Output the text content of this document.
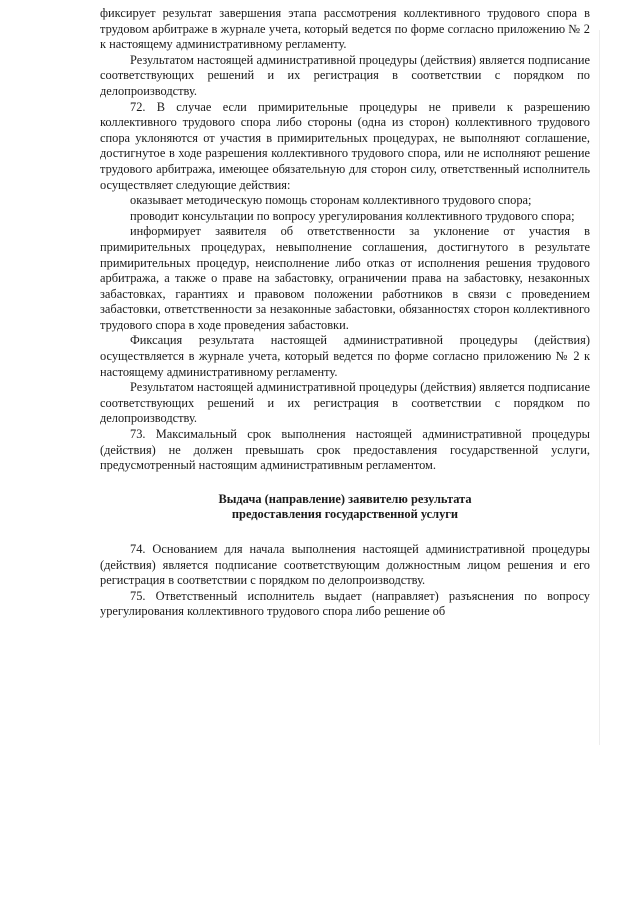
фиксирует результат завершения этапа рассмотрения коллективного трудового спора в трудовом арбитраже в журнале учета, который ведется по форме согласно приложению № 2 к настоящему административному регламенту.

Результатом настоящей административной процедуры (действия) является подписание соответствующих решений и их регистрация в соответствии с порядком по делопроизводству.

72. В случае если примирительные процедуры не привели к разрешению коллективного трудового спора либо стороны (одна из сторон) коллективного трудового спора уклоняются от участия в примирительных процедурах, не выполняют соглашение, достигнутое в ходе разрешения коллективного трудового спора, или не исполняют решение трудового арбитража, имеющее обязательную для сторон силу, ответственный исполнитель осуществляет следующие действия:

оказывает методическую помощь сторонам коллективного трудового спора;

проводит консультации по вопросу урегулирования коллективного трудового спора;

информирует заявителя об ответственности за уклонение от участия в примирительных процедурах, невыполнение соглашения, достигнутого в результате примирительных процедур, неисполнение либо отказ от исполнения решения трудового арбитража, а также о праве на забастовку, ограничении права на забастовку, незаконных забастовках, гарантиях и правовом положении работников в связи с проведением забастовки, ответственности за незаконные забастовки, обязанностях сторон коллективного трудового спора в ходе проведения забастовки.

Фиксация результата настоящей административной процедуры (действия) осуществляется в журнале учета, который ведется по форме согласно приложению № 2 к настоящему административному регламенту.

Результатом настоящей административной процедуры (действия) является подписание соответствующих решений и их регистрация в соответствии с порядком по делопроизводству.

73. Максимальный срок выполнения настоящей административной процедуры (действия) не должен превышать срок предоставления государственной услуги, предусмотренный настоящим административным регламентом.

Выдача (направление) заявителю результата
предоставления государственной услуги

74. Основанием для начала выполнения настоящей административной процедуры (действия) является подписание соответствующим должностным лицом решения и его регистрация в соответствии с порядком по делопроизводству.

75. Ответственный исполнитель выдает (направляет) разъяснения по вопросу урегулирования коллективного трудового спора либо решение об
